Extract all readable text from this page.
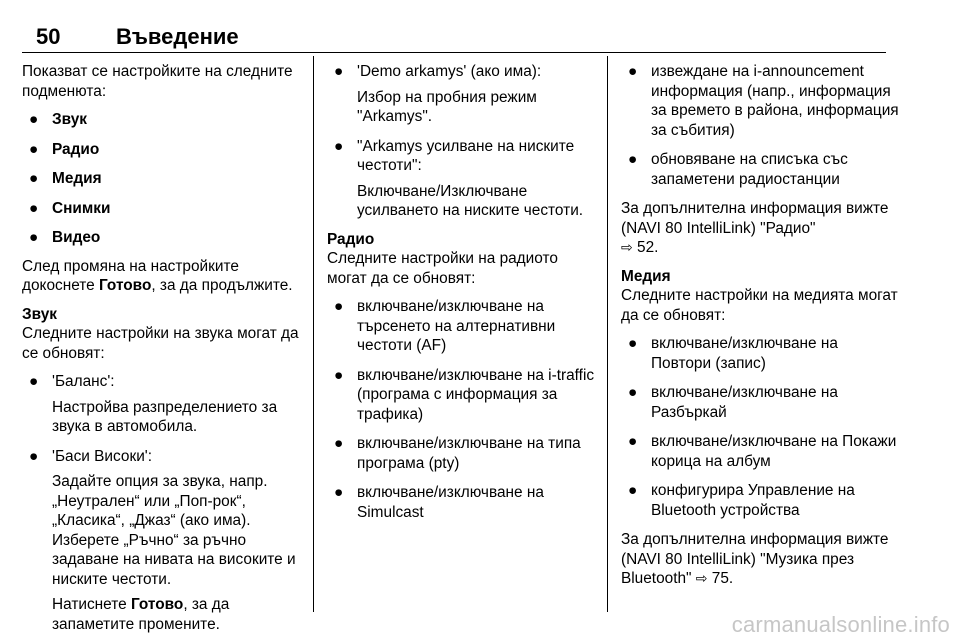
50	Въведение

Показват се настройките на следните подменюта:

● Звук
● Радио
● Медия
● Снимки
● Видео

След промяна на настройките докоснете Готово, за да продължите.

Звук

Следните настройки на звука могат да се обновят:

● 'Баланс':
Настройва разпределението за звука в автомобила.
● 'Баси Високи':
Задайте опция за звука, напр. „Неутрален“ или „Поп-рок“, „Класика“, „Джаз“ (ако има). Изберете „Ръчно“ за ръчно задаване на нивата на високите и ниските честоти.
Натиснете Готово, за да запаметите промените.
● 'Demo arkamys' (ако има):
Избор на пробния режим "Arkamys".
● "Arkamys усилване на ниските честоти":
Включване/Изключване усилването на ниските честоти.

Радио

Следните настройки на радиото могат да се обновят:

● включване/изключване на търсенето на алтернативни честоти (AF)
● включване/изключване на i-traffic (програма с информация за трафика)
● включване/изключване на типа програма (pty)
● включване/изключване на Simulcast
● извеждане на i-announcement информация (напр., информация за времето в района, информация за събития)
● обновяване на списъка със запаметени радиостанции

За допълнителна информация вижте (NAVI 80 IntelliLink) "Радио"
⇨ 52.

Медия

Следните настройки на медията могат да се обновят:

● включване/изключване на Повтори (запис)
● включване/изключване на Разбъркай
● включване/изключване на Покажи корица на албум
● конфигурира Управление на Bluetooth устройства

За допълнителна информация вижте (NAVI 80 IntelliLink) "Музика през Bluetooth" ⇨ 75.

carmanualsonline.info
